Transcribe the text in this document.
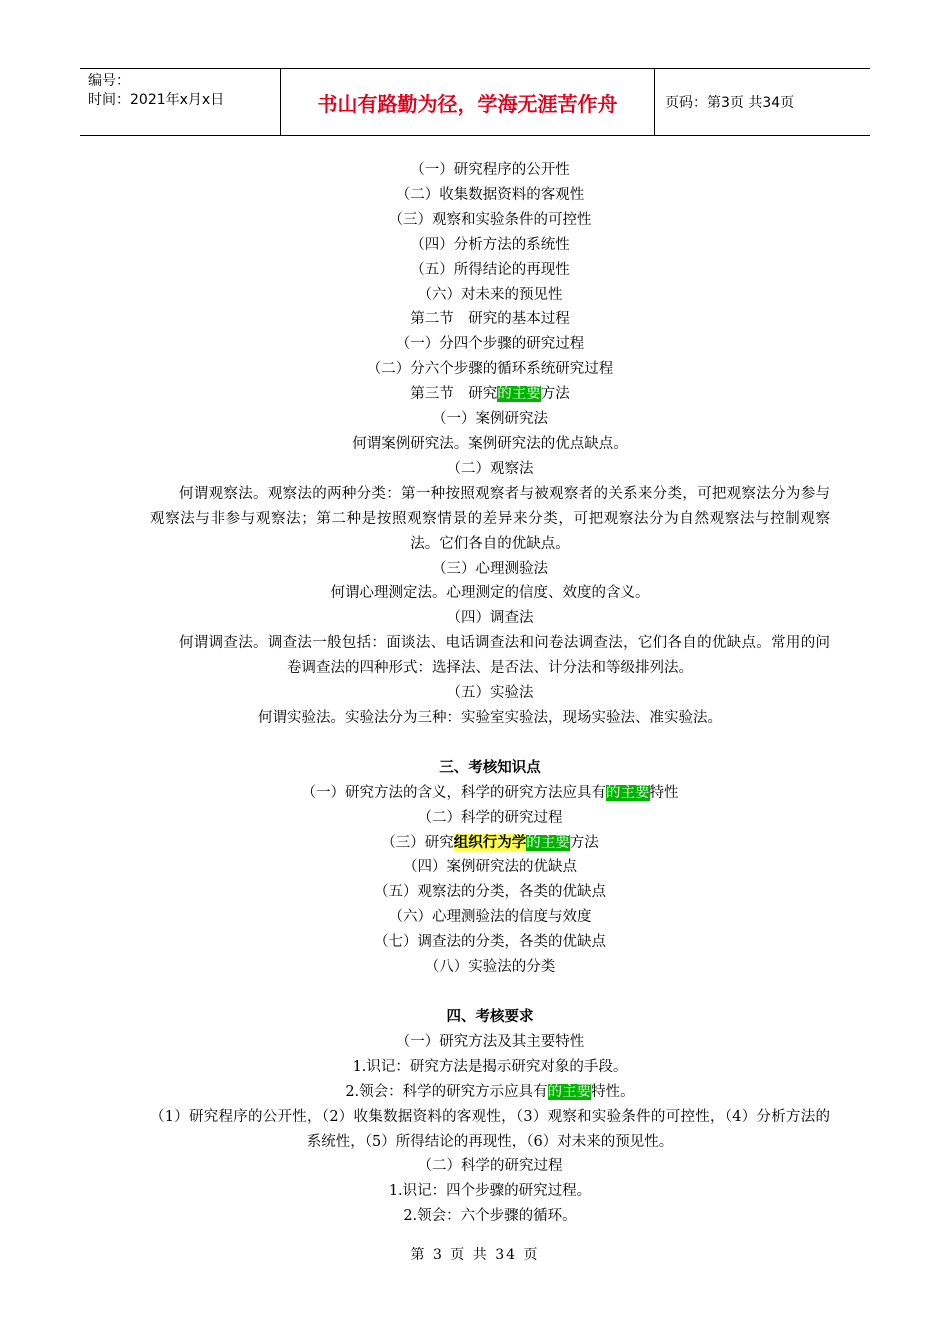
编号：
时间：2021年x月x日	书山有路勤为径，学海无涯苦作舟	页码：第3页 共34页

（一）研究程序的公开性

（二）收集数据资料的客观性

（三）观察和实验条件的可控性

（四）分析方法的系统性

（五）所得结论的再现性

（六）对未来的预见性

第二节　研究的基本过程

（一）分四个步骤的研究过程

（二）分六个步骤的循环系统研究过程

第三节　研究的主要方法

（一）案例研究法

何谓案例研究法。案例研究法的优点缺点。

（二）观察法

何谓观察法。观察法的两种分类：第一种按照观察者与被观察者的关系来分类，可把观察法分为参与观察法与非参与观察法；第二种是按照观察情景的差异来分类，可把观察法分为自然观察法与控制观察法。它们各自的优缺点。

（三）心理测验法

何谓心理测定法。心理测定的信度、效度的含义。

（四）调查法

何谓调查法。调查法一般包括：面谈法、电话调查法和问卷法调查法，它们各自的优缺点。常用的问卷调查法的四种形式：选择法、是否法、计分法和等级排列法。

（五）实验法

何谓实验法。实验法分为三种：实验室实验法，现场实验法、准实验法。

三、考核知识点

（一）研究方法的含义，科学的研究方法应具有的主要特性

（二）科学的研究过程

（三）研究组织行为学的主要方法

（四）案例研究法的优缺点

（五）观察法的分类，各类的优缺点

（六）心理测验法的信度与效度

（七）调查法的分类，各类的优缺点

（八）实验法的分类

四、考核要求

（一）研究方法及其主要特性

1.识记：研究方法是揭示研究对象的手段。

2.领会：科学的研究方示应具有的主要特性。

（1）研究程序的公开性，（2）收集数据资料的客观性，（3）观察和实验条件的可控性，（4）分析方法的系统性，（5）所得结论的再现性，（6）对未来的预见性。

（二）科学的研究过程

1.识记：四个步骤的研究过程。

2.领会：六个步骤的循环。

第 3 页 共 34 页
